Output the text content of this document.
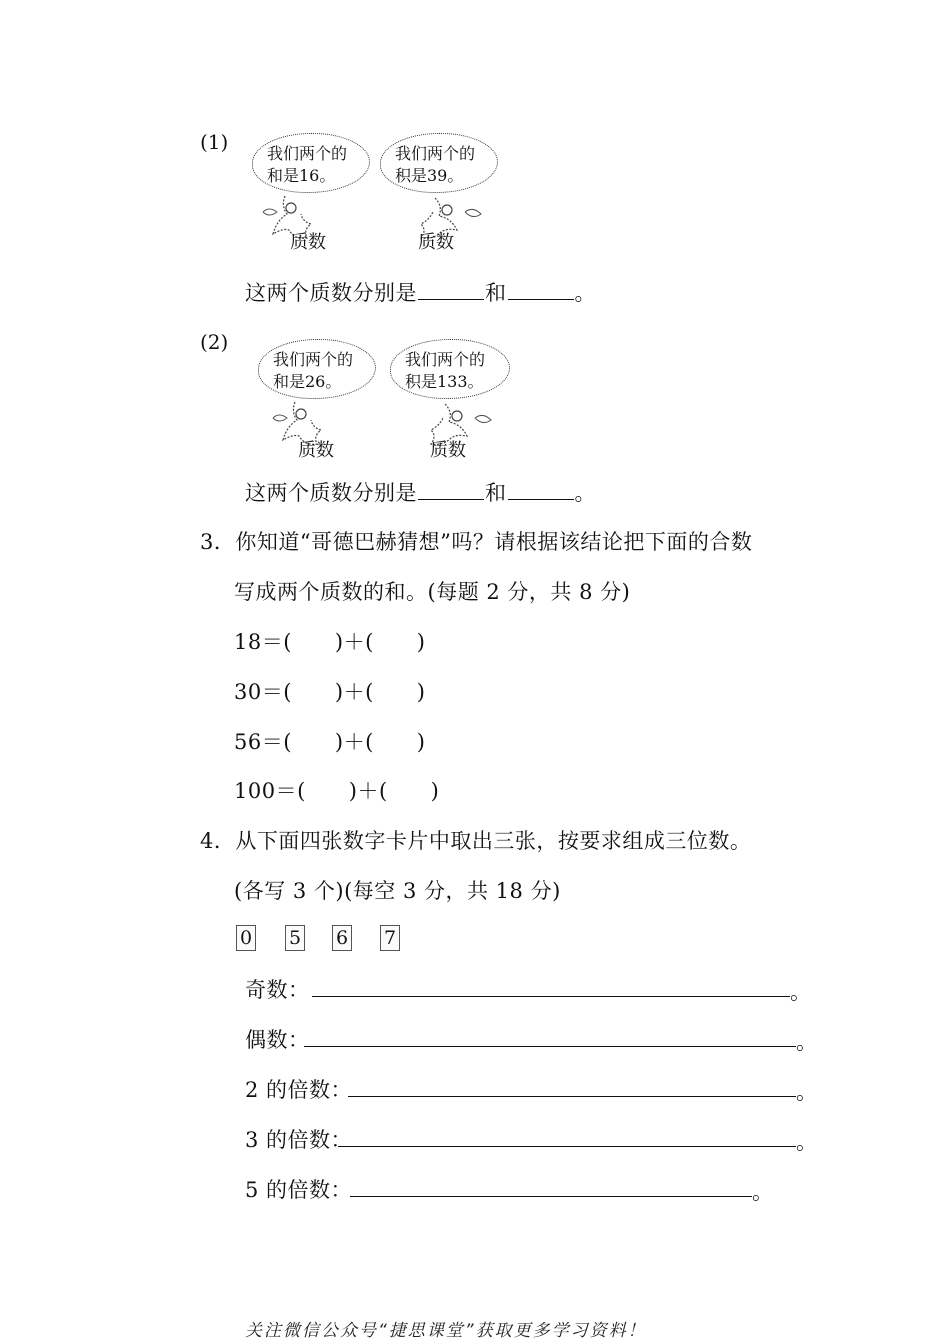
(1) 我们两个的
和是16。
质数
我们两个的
积是39。
质数
这两个质数分别是	和	。
(2)
我们两个的
和是26。
质数
我们两个的
积是133。
质数
这两个质数分别是	和	。
3．你知道“哥德巴赫猜想”吗？请根据该结论把下面的合数
写成两个质数的和。(每题 2 分，共 8 分)
18＝(　　)＋(　　)
30＝(　　)＋(　　)
56＝(　　)＋(　　)
100＝(　　)＋(　　)
4．从下面四张数字卡片中取出三张，按要求组成三位数。
(各写 3 个)(每空 3 分，共 18 分)
0 5 6 7
奇数：	。
偶数：	。
2 的倍数：	。
3 的倍数：	。
5 的倍数：	。
关注微信公众号“捷思课堂”获取更多学习资料！
